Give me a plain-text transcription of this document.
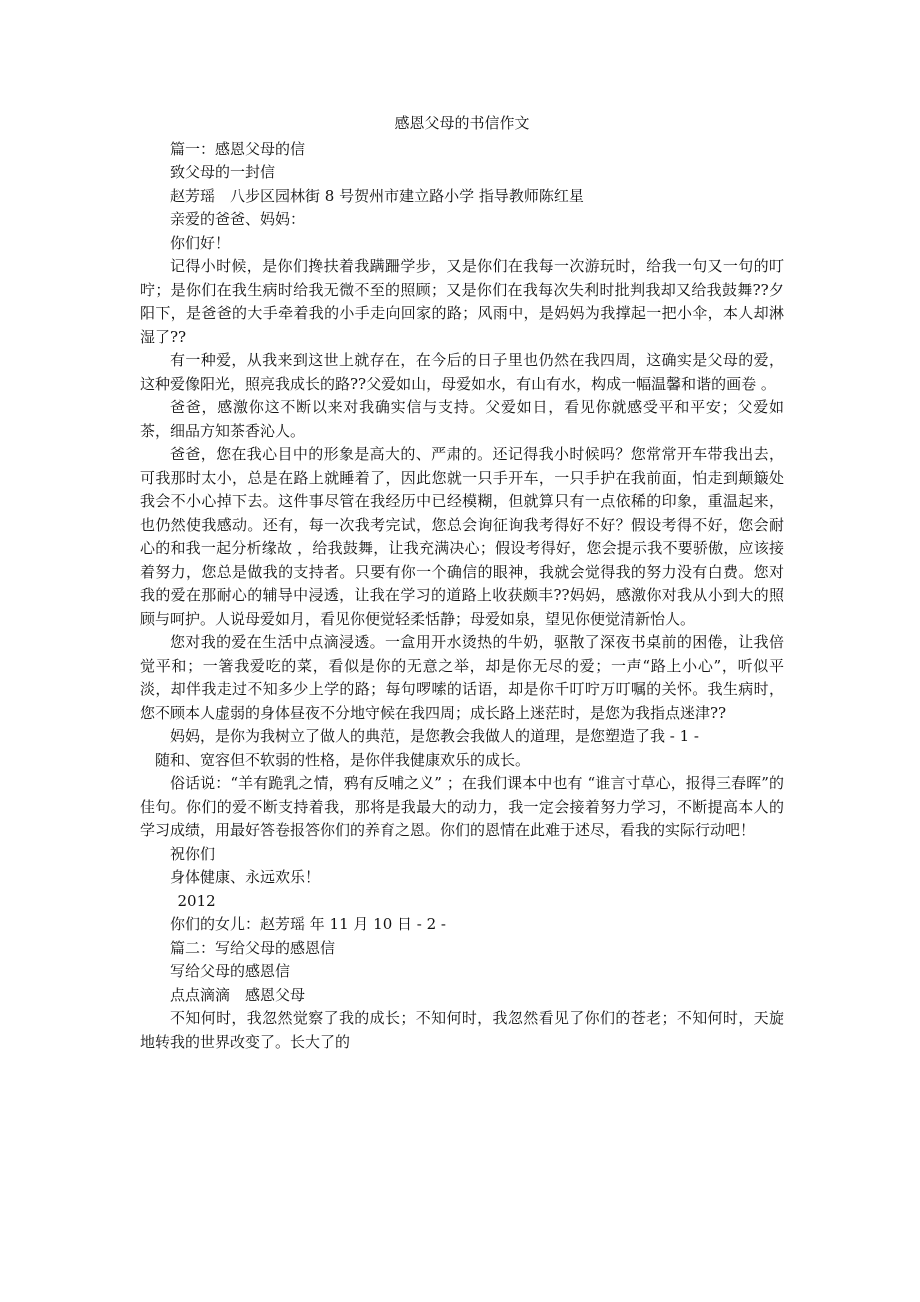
感恩父母的书信作文

篇一：感恩父母的信

致父母的一封信

赵芳瑶　八步区园林街 8 号贺州市建立路小学 指导教师陈红星

亲爱的爸爸、妈妈：

你们好！

记得小时候，是你们搀扶着我蹒跚学步，又是你们在我每一次游玩时，给我一句又一句的叮咛；是你们在我生病时给我无微不至的照顾；又是你们在我每次失利时批判我却又给我鼓舞??夕阳下，是爸爸的大手牵着我的小手走向回家的路；风雨中，是妈妈为我撑起一把小伞，本人却淋湿了??

有一种爱，从我来到这世上就存在，在今后的日子里也仍然在我四周，这确实是父母的爱，这种爱像阳光，照亮我成长的路??父爱如山，母爱如水，有山有水，构成一幅温馨和谐的画卷 。

爸爸，感激你这不断以来对我确实信与支持。父爱如日，看见你就感受平和平安；父爱如茶，细品方知茶香沁人。

爸爸，您在我心目中的形象是高大的、严肃的。还记得我小时候吗？您常常开车带我出去，可我那时太小，总是在路上就睡着了，因此您就一只手开车，一只手护在我前面，怕走到颠簸处我会不小心掉下去。这件事尽管在我经历中已经模糊，但就算只有一点依稀的印象，重温起来，也仍然使我感动。还有，每一次我考完试，您总会询征询我考得好不好？假设考得不好，您会耐心的和我一起分析缘故 ，给我鼓舞，让我充满决心；假设考得好，您会提示我不要骄傲，应该接着努力，您总是做我的支持者。只要有你一个确信的眼神，我就会觉得我的努力没有白费。您对我的爱在那耐心的辅导中浸透，让我在学习的道路上收获颇丰??妈妈，感激你对我从小到大的照顾与呵护。人说母爱如月，看见你便觉轻柔恬静；母爱如泉，望见你便觉清新怡人。

您对我的爱在生活中点滴浸透。一盒用开水烫热的牛奶，驱散了深夜书桌前的困倦，让我倍觉平和；一箸我爱吃的菜，看似是你的无意之举，却是你无尽的爱；一声“路上小心”，听似平淡，却伴我走过不知多少上学的路；每句啰嗦的话语，却是你千叮咛万叮嘱的关怀。我生病时，您不顾本人虚弱的身体昼夜不分地守候在我四周；成长路上迷茫时，是您为我指点迷津??

妈妈，是你为我树立了做人的典范，是您教会我做人的道理，是您塑造了我 - 1 -

随和、宽容但不软弱的性格，是你伴我健康欢乐的成长。

俗话说：“羊有跪乳之情，鸦有反哺之义” ；在我们课本中也有 “谁言寸草心，报得三春晖”的佳句。你们的爱不断支持着我，那将是我最大的动力，我一定会接着努力学习，不断提高本人的学习成绩，用最好答卷报答你们的养育之恩。你们的恩情在此难于述尽，看我的实际行动吧！

祝你们

身体健康、永远欢乐！

2012

你们的女儿：赵芳瑶 年 11 月 10 日 - 2 -

篇二：写给父母的感恩信

写给父母的感恩信

点点滴滴　感恩父母

不知何时，我忽然觉察了我的成长；不知何时，我忽然看见了你们的苍老；不知何时，天旋地转我的世界改变了。长大了的
